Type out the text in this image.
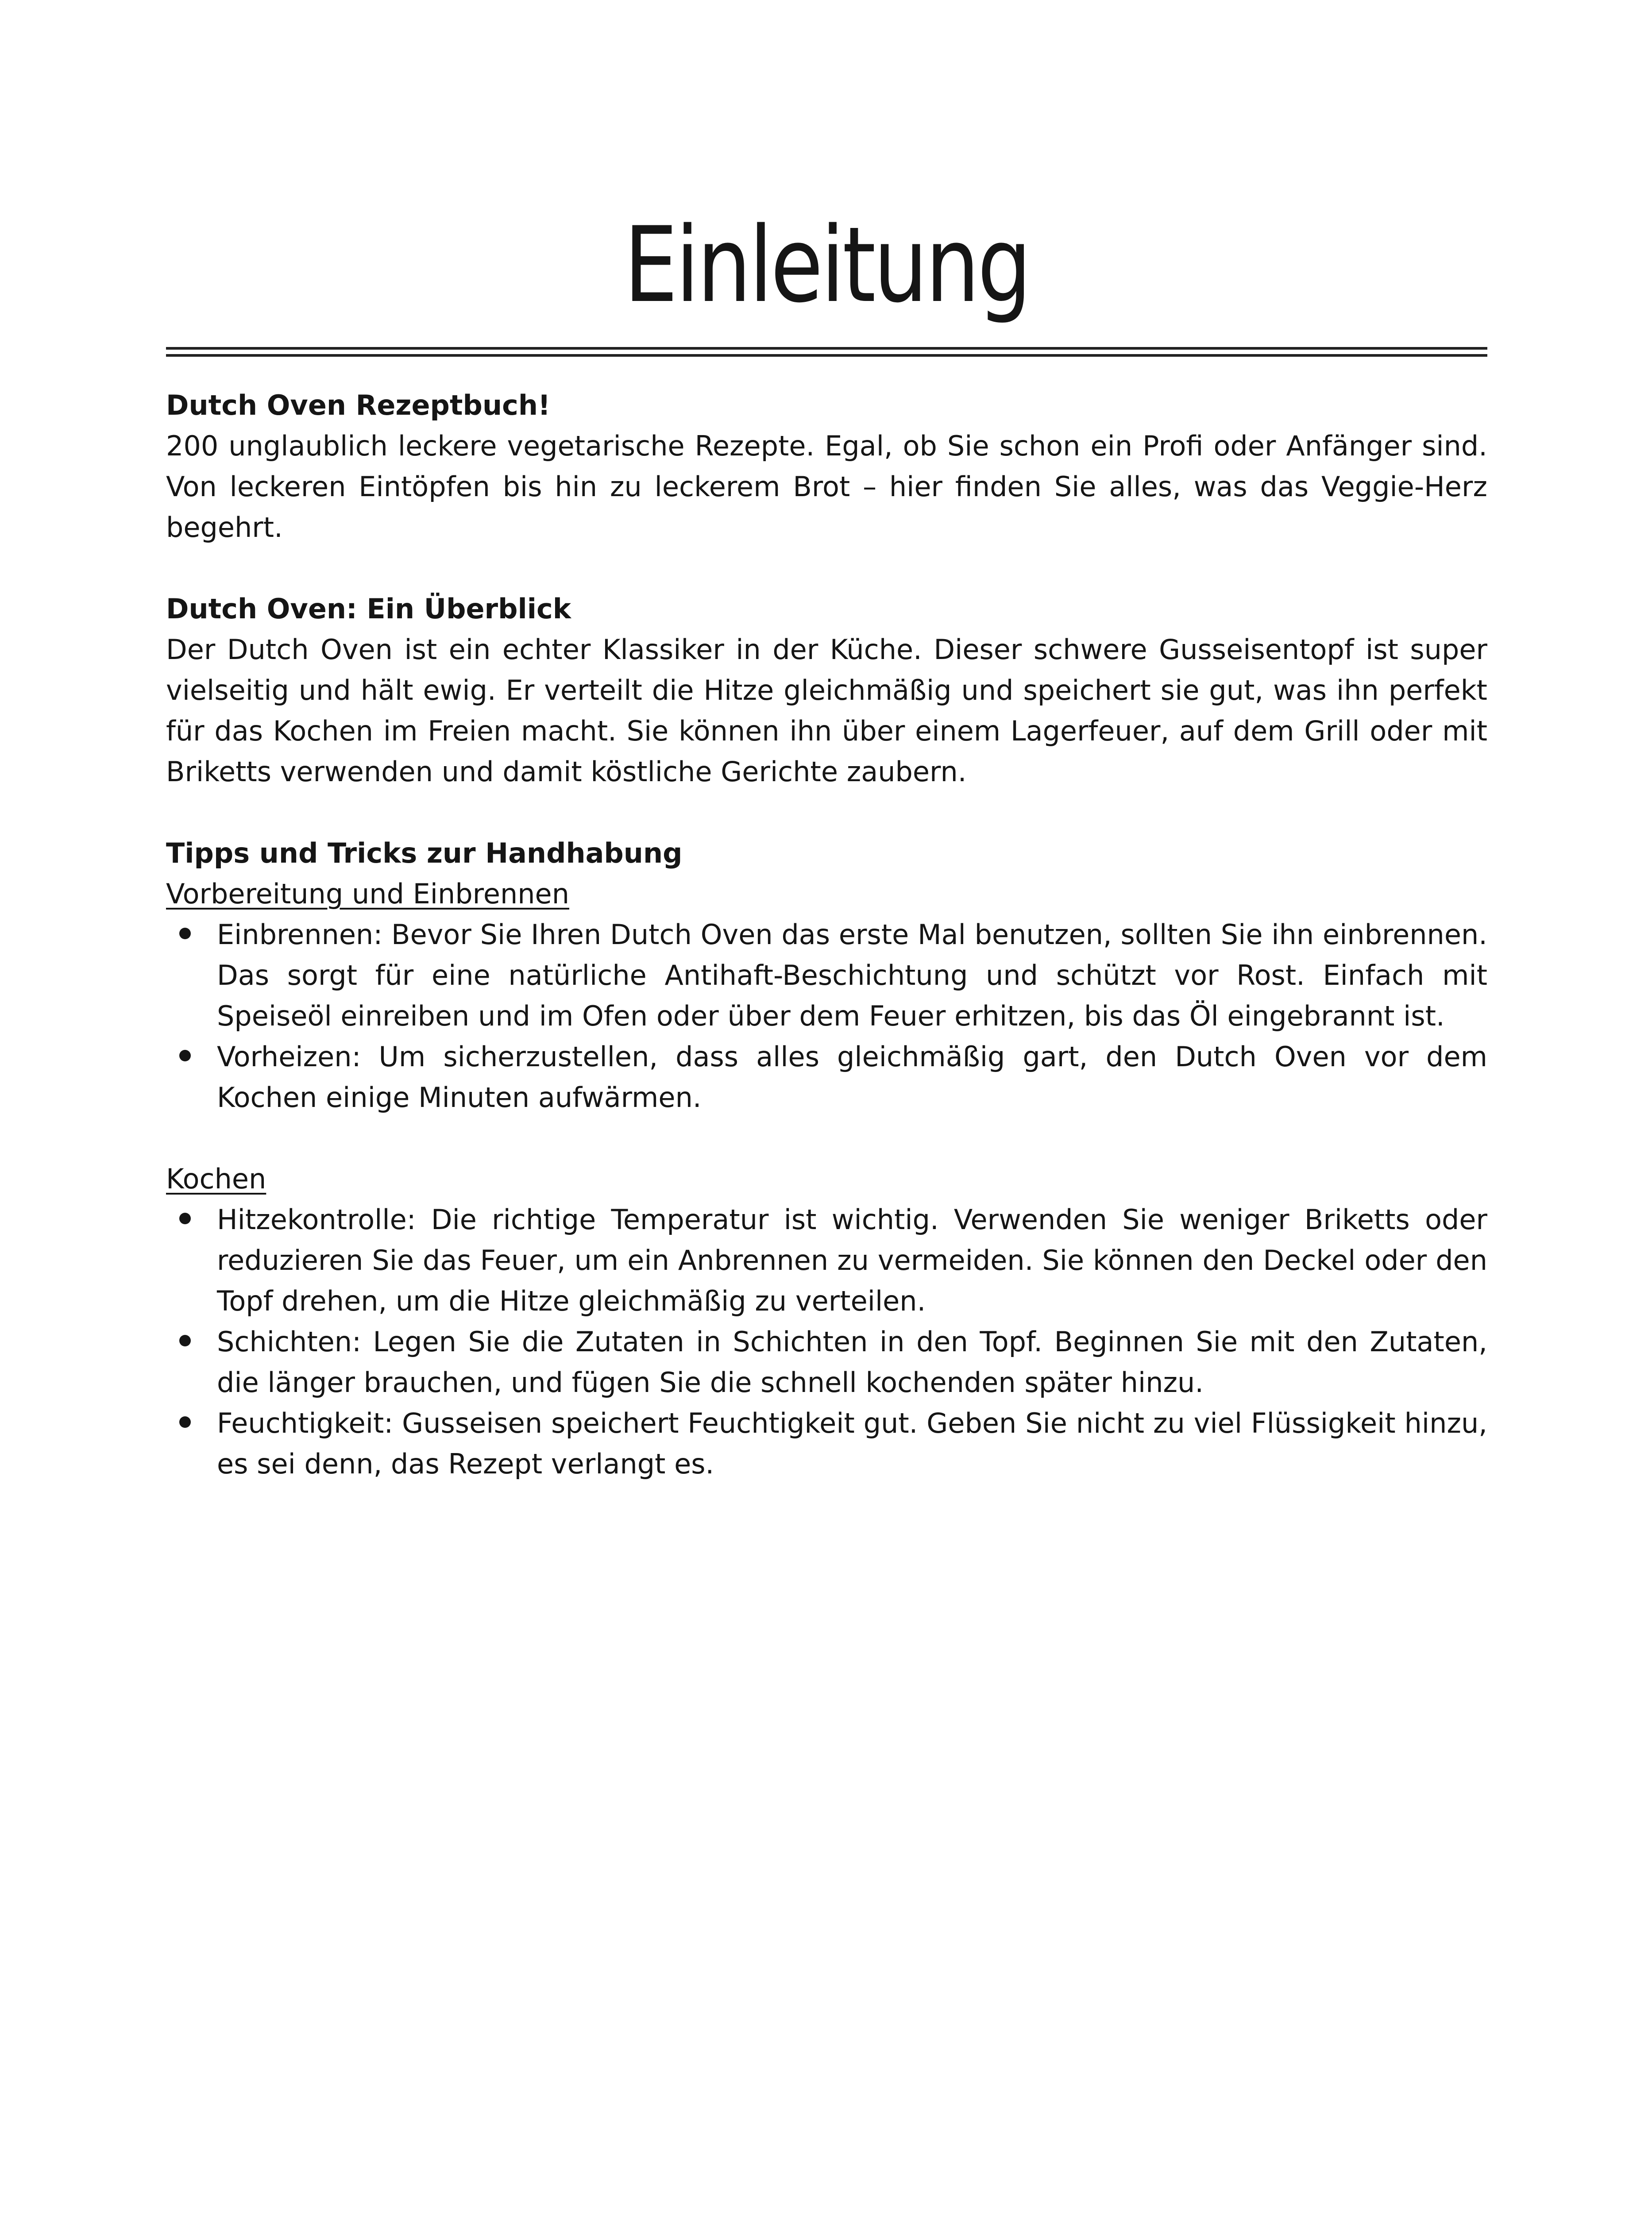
Einleitung

Dutch Oven Rezeptbuch!

200 unglaublich leckere vegetarische Rezepte. Egal, ob Sie schon ein Profi oder Anfänger sind. Von leckeren Eintöpfen bis hin zu leckerem Brot – hier finden Sie alles, was das Veggie-Herz begehrt.

Dutch Oven: Ein Überblick

Der Dutch Oven ist ein echter Klassiker in der Küche. Dieser schwere Gusseisentopf ist super vielseitig und hält ewig. Er verteilt die Hitze gleichmäßig und speichert sie gut, was ihn perfekt für das Kochen im Freien macht. Sie können ihn über einem Lagerfeuer, auf dem Grill oder mit Briketts verwenden und damit köstliche Gerichte zaubern.

Tipps und Tricks zur Handhabung

Vorbereitung und Einbrennen

Einbrennen: Bevor Sie Ihren Dutch Oven das erste Mal benutzen, sollten Sie ihn einbrennen. Das sorgt für eine natürliche Antihaft-Beschichtung und schützt vor Rost. Einfach mit Speiseöl einreiben und im Ofen oder über dem Feuer erhitzen, bis das Öl eingebrannt ist.
Vorheizen: Um sicherzustellen, dass alles gleichmäßig gart, den Dutch Oven vor dem Kochen einige Minuten aufwärmen.

Kochen

Hitzekontrolle: Die richtige Temperatur ist wichtig. Verwenden Sie weniger Briketts oder reduzieren Sie das Feuer, um ein Anbrennen zu vermeiden. Sie können den Deckel oder den Topf drehen, um die Hitze gleichmäßig zu verteilen.
Schichten: Legen Sie die Zutaten in Schichten in den Topf. Beginnen Sie mit den Zutaten, die länger brauchen, und fügen Sie die schnell kochenden später hinzu.
Feuchtigkeit: Gusseisen speichert Feuchtigkeit gut. Geben Sie nicht zu viel Flüssigkeit hinzu, es sei denn, das Rezept verlangt es.
